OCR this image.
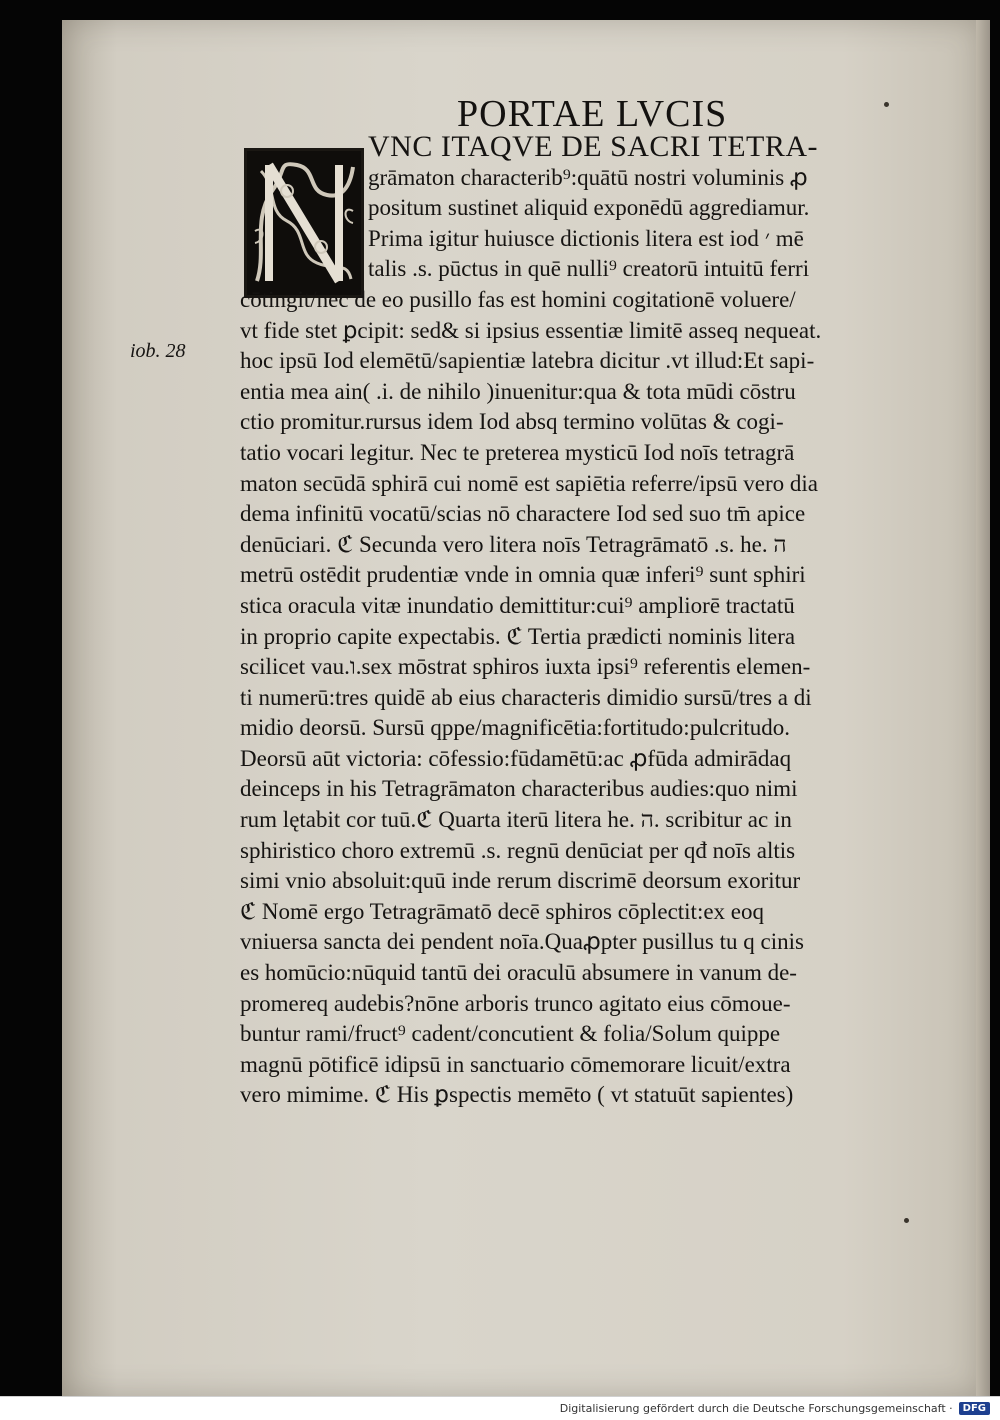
PORTAE LVCIS
iob. 28
VNC ITAQVE DE SACRI TETRA-
grāmaton characterib⁹:quātū nostri voluminis ꝓ
positum sustinet aliquid exponēdū aggrediamur.
Prima igitur huiusce dictionis litera est iod ׳ mē
talis .s. pūctus in quē nulli⁹ creatorū intuitū ferri
cōtingit/nec de eo pusillo fas est homini cogitationē voluere/
vt fide stet ꝑcipit: sed& si ipsius essentiæ limitē asseq nequeat.
hoc ipsū Iod elemētū/sapientiæ latebra dicitur .vt illud:Et sapi-
entia mea ain( .i. de nihilo )inuenitur:qua & tota mūdi cōstru
ctio promitur.rursus idem Iod absq termino volūtas & cogi-
tatio vocari legitur. Nec te preterea mysticū Iod noīs tetragrā
maton secūdā sphirā cui nomē est sapiētia referre/ipsū vero dia
dema infinitū vocatū/scias nō charactere Iod sed suo tm̄ apice
denūciari. ℭ Secunda vero litera noīs Tetragrāmatō .s. he. ה
metrū ostēdit prudentiæ vnde in omnia quæ inferi⁹ sunt sphiri
stica oracula vitæ inundatio demittitur:cui⁹ ampliorē tractatū
in proprio capite expectabis. ℭ Tertia prædicti nominis litera
scilicet vau.ו.sex mōstrat sphiros iuxta ipsi⁹ referentis elemen-
ti numerū:tres quidē ab eius characteris dimidio sursū/tres a di
midio deorsū. Sursū qppe/magnificētia:fortitudo:pulcritudo.
Deorsū aūt victoria: cōfessio:fūdamētū:ac ꝓfūda admirādaq
deinceps in his Tetragrāmaton characteribus audies:quo nimi
rum lętabit cor tuū.ℭ Quarta iterū litera he. ה. scribitur ac in
sphiristico choro extremū .s. regnū denūciat per qđ noīs altis
simi vnio absoluit:quū inde rerum discrimē deorsum exoritur
ℭ Nomē ergo Tetragrāmatō decē sphiros cōplectit:ex eoq
vniuersa sancta dei pendent noīa.Quaꝓpter pusillus tu q cinis
es homūcio:nūquid tantū dei oraculū absumere in vanum de-
promereq audebis?nōne arboris trunco agitato eius cōmoue-
buntur rami/fruct⁹ cadent/concutient & folia/Solum quippe
magnū pōtificē idipsū in sanctuario cōmemorare licuit/extra
vero mimime. ℭ His ꝑspectis memēto ( vt statuūt sapientes)
Digitalisierung gefördert durch die Deutsche Forschungsgemeinschaft ·	DFG
